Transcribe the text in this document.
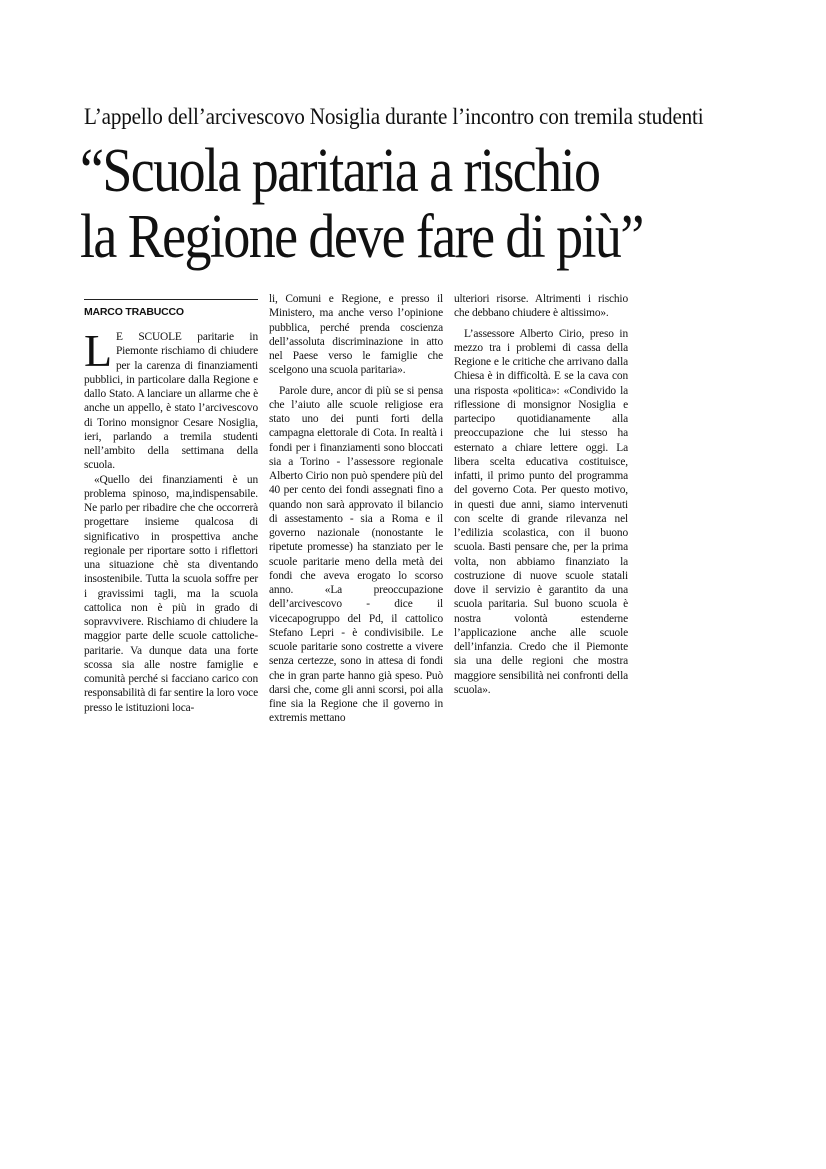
L’appello dell’arcivescovo Nosiglia durante l’incontro con tremila studenti
“Scuola paritaria a rischio
la Regione deve fare di più”
MARCO TRABUCCO

L E SCUOLE paritarie in Piemonte rischiamo di chiudere per la carenza di finanziamenti pubblici, in particolare dalla Regione e dallo Stato. A lanciare un allarme che è anche un appello, è stato l’arcivescovo di Torino monsignor Cesare Nosiglia, ieri, parlando a tremila studenti nell’ambito della settimana della scuola.

«Quello dei finanziamenti è un problema spinoso, ma,indispensabile. Ne parlo per ribadire che che occorrerà progettare insieme qualcosa di significativo in prospettiva anche regionale per riportare sotto i riflettori una situazione chè sta diventando insostenibile. Tutta la scuola soffre per i gravissimi tagli, ma la scuola cattolica non è più in grado di sopravvivere. Rischiamo di chiudere la maggior parte delle scuole cattoliche-paritarie. Va dunque data una forte scossa sia alle nostre famiglie e comunità perché si facciano carico con responsabilità di far sentire la loro voce presso le istituzioni loca-

li, Comuni e Regione, e presso il Ministero, ma anche verso l’opinione pubblica, perché prenda coscienza dell’assoluta discriminazione in atto nel Paese verso le famiglie che scelgono una scuola paritaria».

Parole dure, ancor di più se si pensa che l’aiuto alle scuole religiose era stato uno dei punti forti della campagna elettorale di Cota. In realtà i fondi per i finanziamenti sono bloccati sia a Torino - l’assessore regionale Alberto Cirio non può spendere più del 40 per cento dei fondi assegnati fino a quando non sarà approvato il bilancio di assestamento - sia a Roma e il governo nazionale (nonostante le ripetute promesse) ha stanziato per le scuole paritarie meno della metà dei fondi che aveva erogato lo scorso anno. «La preoccupazione dell’arcivescovo - dice il vicecapogruppo del Pd, il cattolico Stefano Lepri - è condivisibile. Le scuole paritarie sono costrette a vivere senza certezze, sono in attesa di fondi che in gran parte hanno già speso. Può darsi che, come gli anni scorsi, poi alla fine sia la Regione che il governo in extremis mettano

ulteriori risorse. Altrimenti i rischio che debbano chiudere è altissimo».

L’assessore Alberto Cirio, preso in mezzo tra i problemi di cassa della Regione e le critiche che arrivano dalla Chiesa è in difficoltà. E se la cava con una risposta «politica»: «Condivido la riflessione di monsignor Nosiglia e partecipo quotidianamente alla preoccupazione che lui stesso ha esternato a chiare lettere oggi. La libera scelta educativa costituisce, infatti, il primo punto del programma del governo Cota. Per questo motivo, in questi due anni, siamo intervenuti con scelte di grande rilevanza nel l’edilizia scolastica, con il buono scuola. Basti pensare che, per la prima volta, non abbiamo finanziato la costruzione di nuove scuole statali dove il servizio è garantito da una scuola paritaria. Sul buono scuola è nostra volontà estenderne l’applicazione anche alle scuole dell’infanzia. Credo che il Piemonte sia una delle regioni che mostra maggiore sensibilità nei confronti della scuola».
